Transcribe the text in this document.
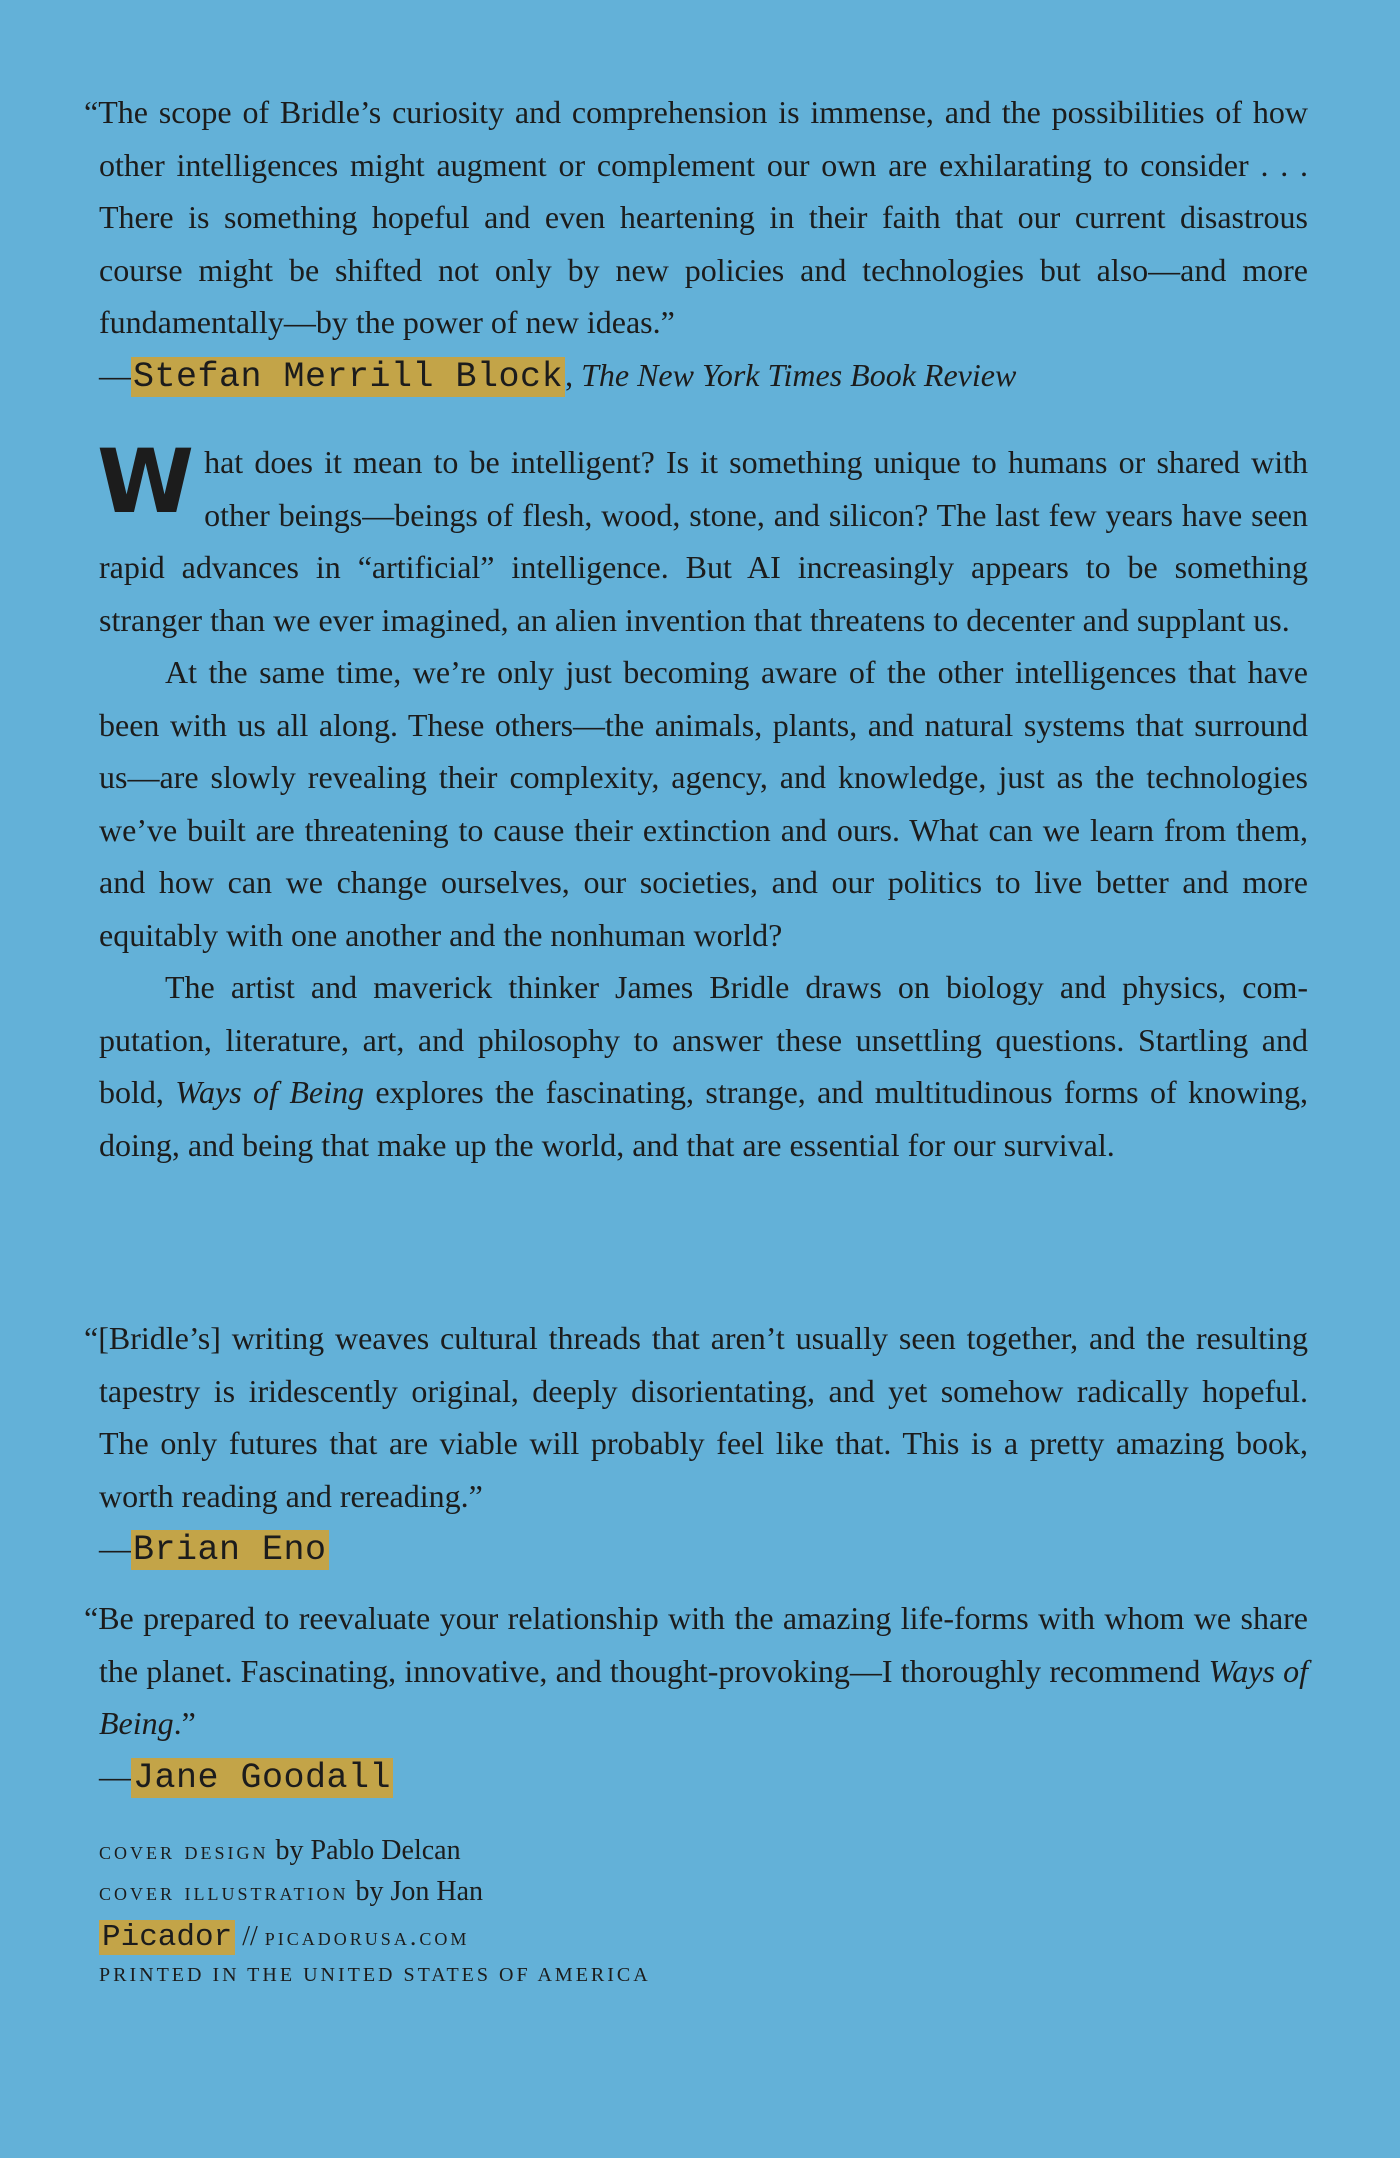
“The scope of Bridle’s curiosity and comprehension is immense, and the possibilities of how other intelligences might augment or complement our own are exhilarating to consider . . . There is something hopeful and even heartening in their faith that our current disastrous course might be shifted not only by new policies and technologies but also—and more fundamentally—by the power of new ideas.”

—Stefan Merrill Block, The New York Times Book Review

What does it mean to be intelligent? Is it something unique to humans or shared with other beings—beings of flesh, wood, stone, and silicon? The last few years have seen rapid advances in “artificial” intelligence. But AI increasingly appears to be something stranger than we ever imagined, an alien invention that threatens to decenter and supplant us.

At the same time, we’re only just becoming aware of the other intelligences that have been with us all along. These others—the animals, plants, and natural systems that surround us—are slowly revealing their complexity, agency, and knowledge, just as the technologies we’ve built are threatening to cause their extinction and ours. What can we learn from them, and how can we change ourselves, our societies, and our politics to live better and more equitably with one another and the nonhuman world?

The artist and maverick thinker James Bridle draws on biology and physics, computation, literature, art, and philosophy to answer these unsettling questions. Startling and bold, Ways of Being explores the fascinating, strange, and multitudinous forms of knowing, doing, and being that make up the world, and that are essential for our survival.

“[Bridle’s] writing weaves cultural threads that aren’t usually seen together, and the resulting tapestry is iridescently original, deeply disorientating, and yet somehow radically hopeful. The only futures that are viable will probably feel like that. This is a pretty amazing book, worth reading and rereading.”

—Brian Eno

“Be prepared to reevaluate your relationship with the amazing life-forms with whom we share the planet. Fascinating, innovative, and thought-provoking—I thoroughly recommend Ways of Being.”

—Jane Goodall

cover design by Pablo Delcan

cover illustration by Jon Han

Picador // picadorusa.com

PRINTED IN THE UNITED STATES OF AMERICA
